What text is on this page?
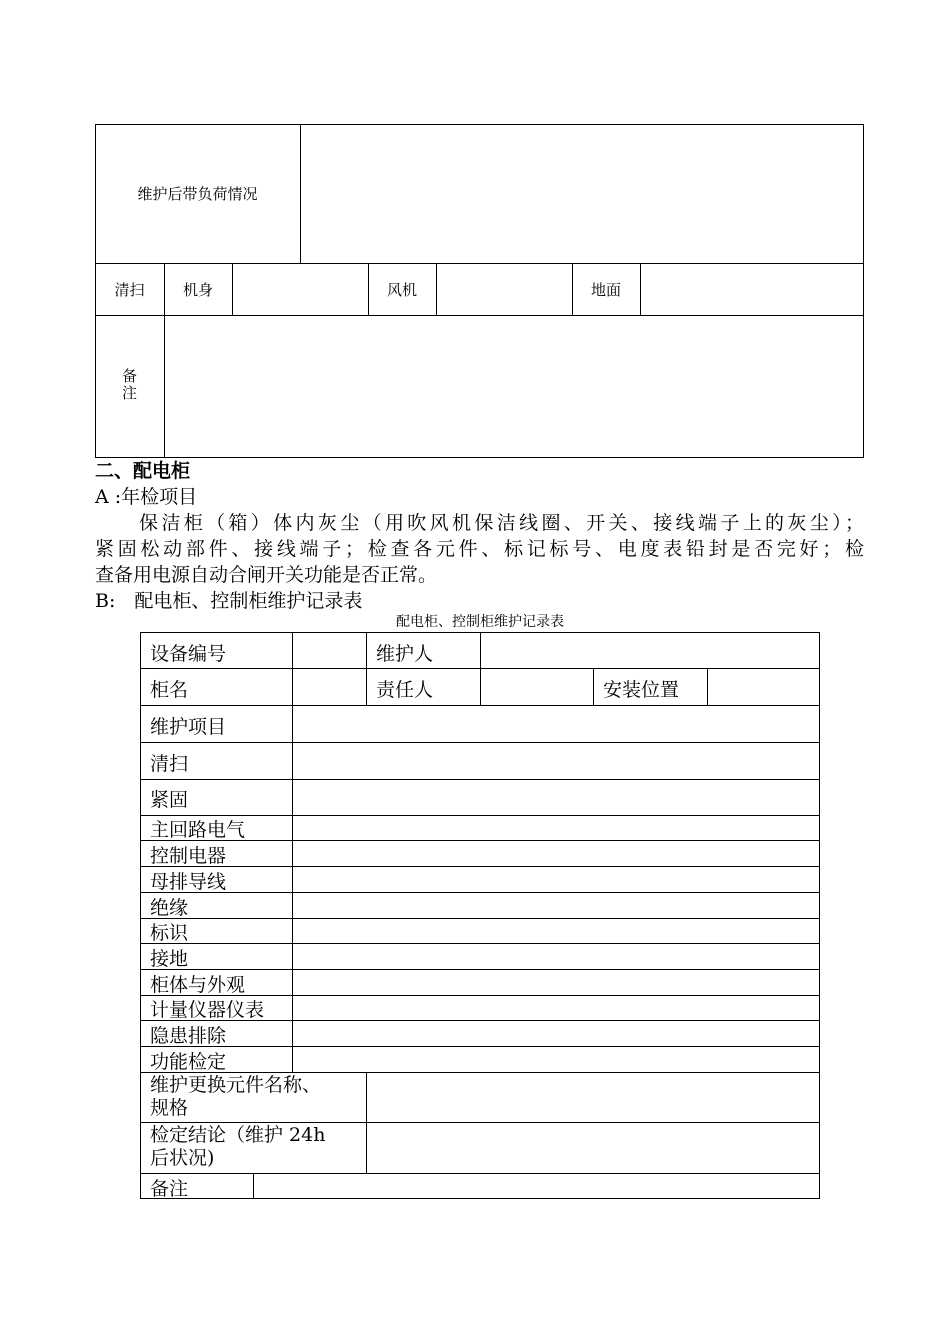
维护后带负荷情况
清扫	机身	风机	地面
备
注
二、配电柜
A :年检项目
保洁柜（箱）体内灰尘（用吹风机保洁线圈、开关、接线端子上的灰尘）；
紧固松动部件、接线端子；检查各元件、标记标号、电度表铅封是否完好；检
查备用电源自动合闸开关功能是否正常。
B:　配电柜、控制柜维护记录表
配电柜、控制柜维护记录表
设备编号	维护人
柜名	责任人	安装位置
维护项目
清扫
紧固
主回路电气
控制电器
母排导线
绝缘
标识
接地
柜体与外观
计量仪器仪表
隐患排除
功能检定
维护更换元件名称、
规格
检定结论（维护 24h
后状况)
备注
